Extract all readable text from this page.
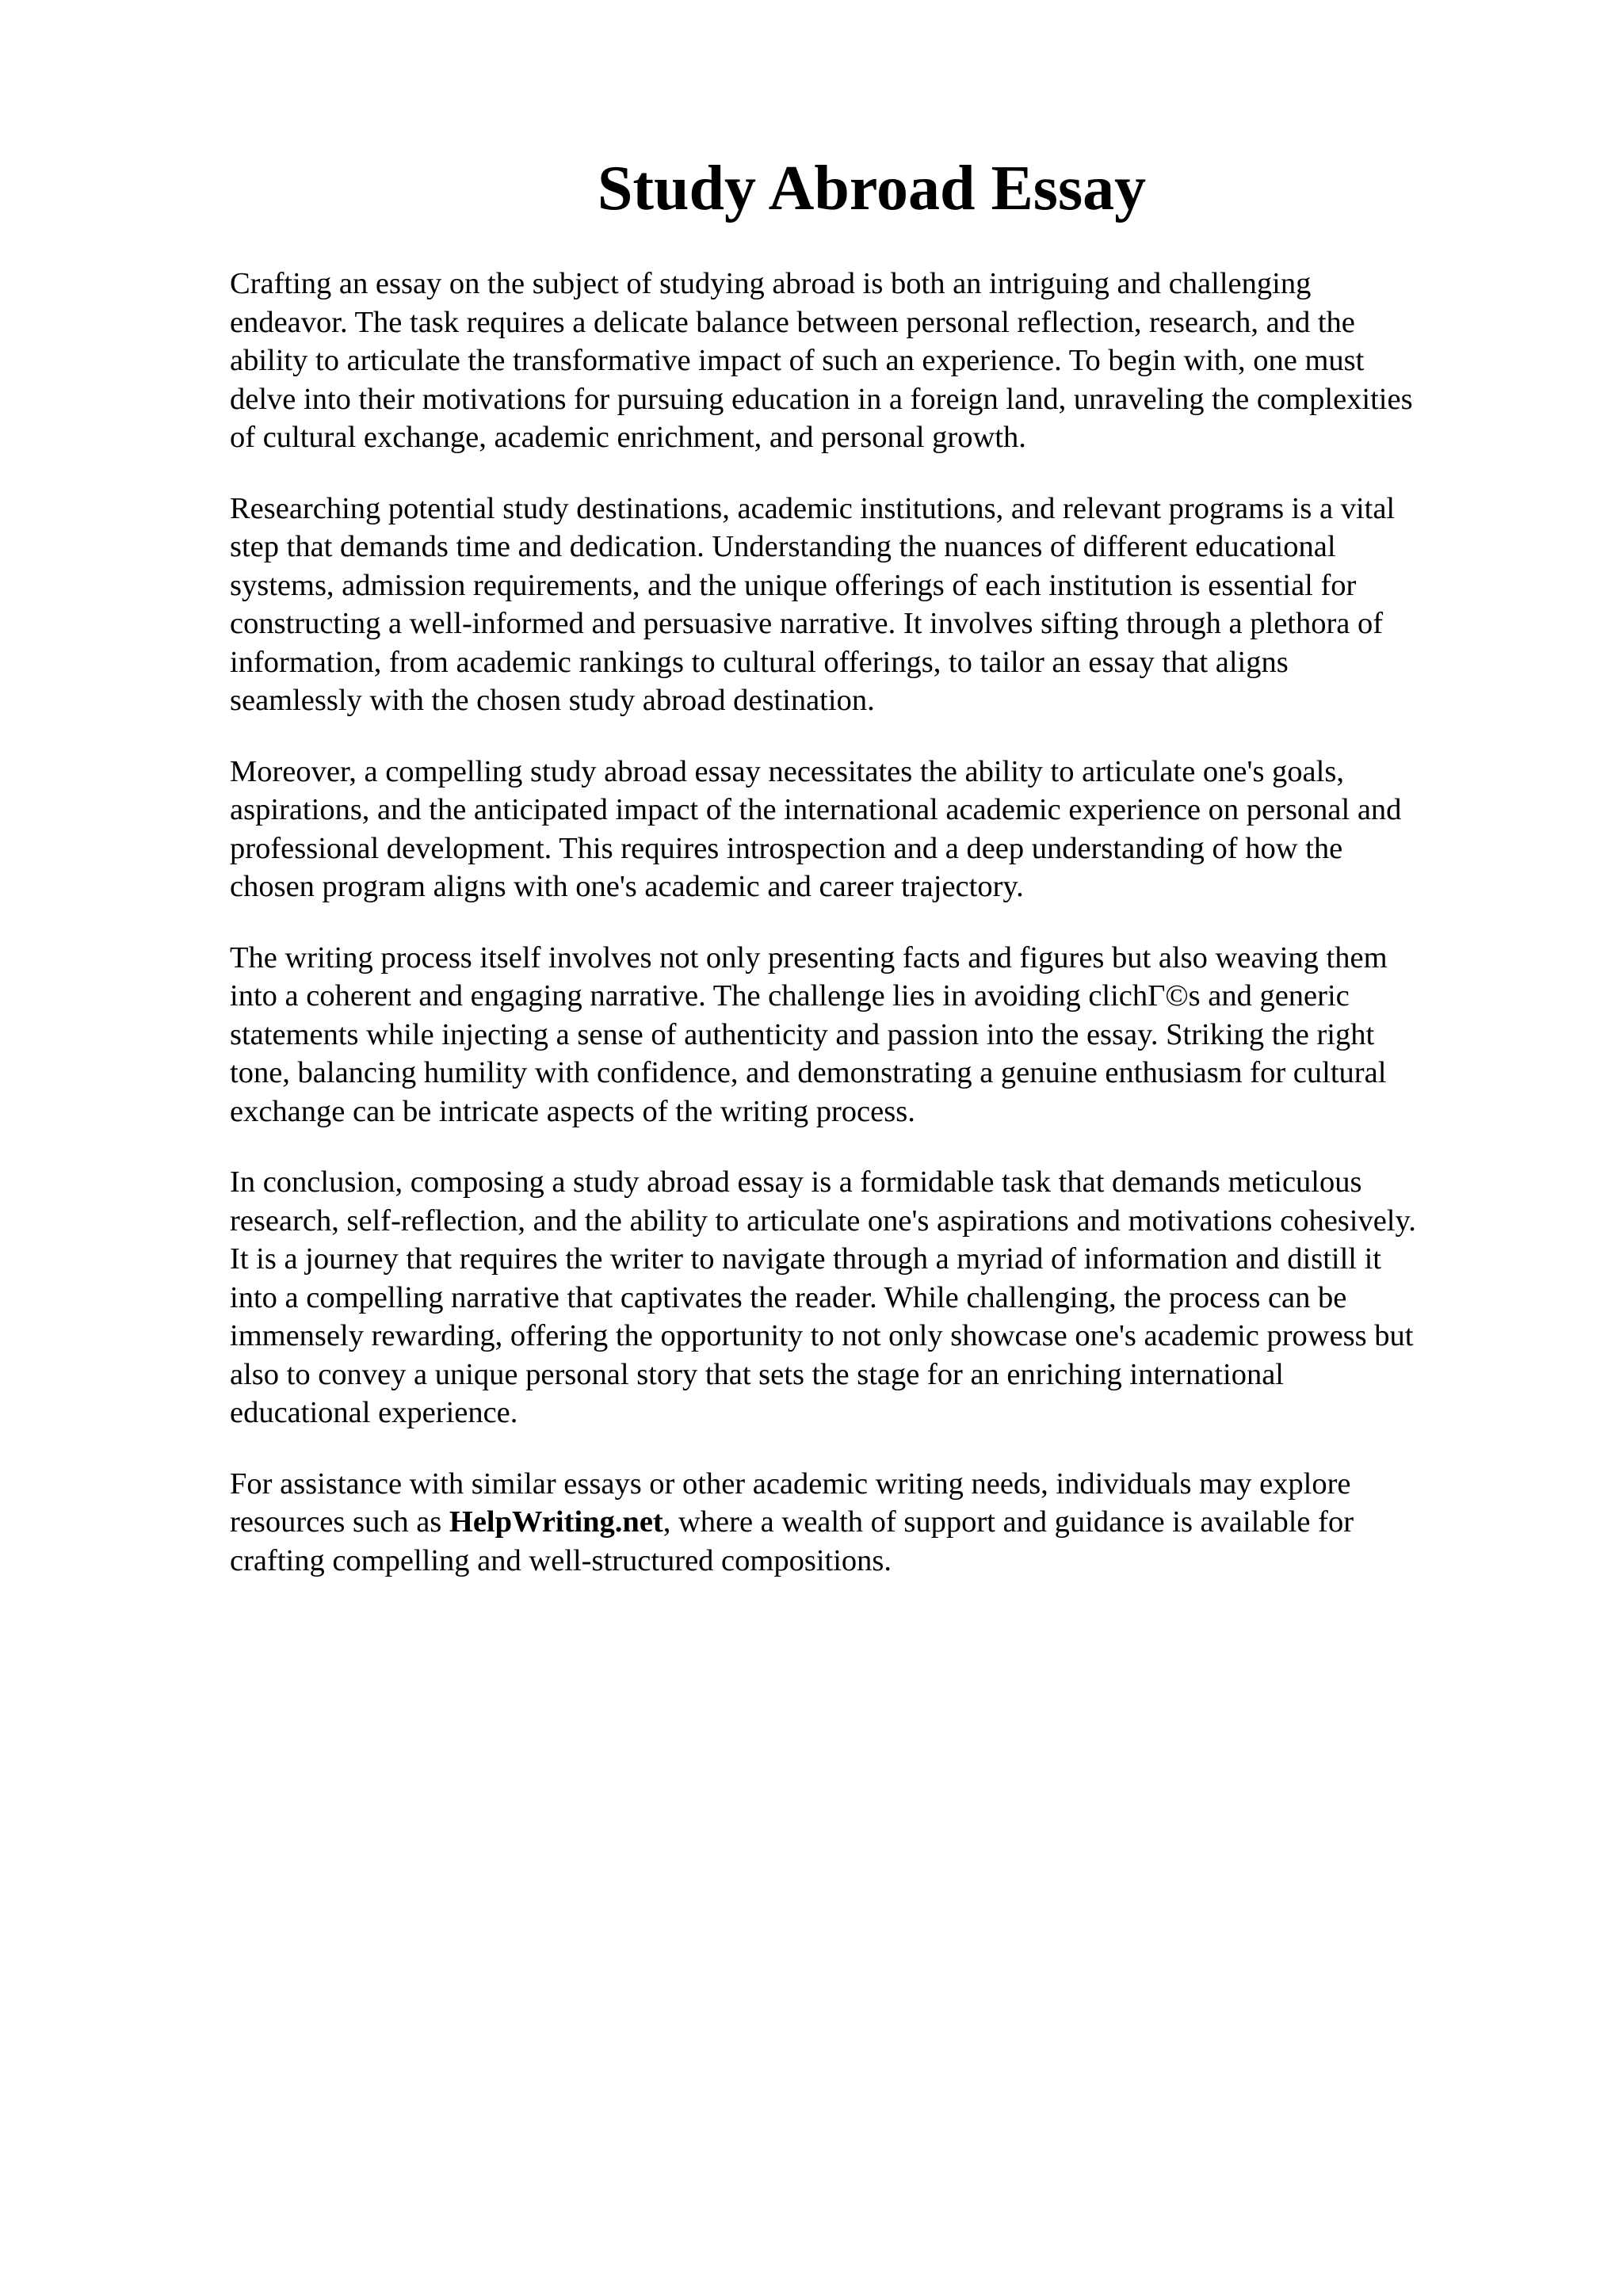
Study Abroad Essay

Crafting an essay on the subject of studying abroad is both an intriguing and challenging
endeavor. The task requires a delicate balance between personal reflection, research, and the
ability to articulate the transformative impact of such an experience. To begin with, one must
delve into their motivations for pursuing education in a foreign land, unraveling the complexities
of cultural exchange, academic enrichment, and personal growth.

Researching potential study destinations, academic institutions, and relevant programs is a vital
step that demands time and dedication. Understanding the nuances of different educational
systems, admission requirements, and the unique offerings of each institution is essential for
constructing a well-informed and persuasive narrative. It involves sifting through a plethora of
information, from academic rankings to cultural offerings, to tailor an essay that aligns
seamlessly with the chosen study abroad destination.

Moreover, a compelling study abroad essay necessitates the ability to articulate one's goals,
aspirations, and the anticipated impact of the international academic experience on personal and
professional development. This requires introspection and a deep understanding of how the
chosen program aligns with one's academic and career trajectory.

The writing process itself involves not only presenting facts and figures but also weaving them
into a coherent and engaging narrative. The challenge lies in avoiding clichΓ©s and generic
statements while injecting a sense of authenticity and passion into the essay. Striking the right
tone, balancing humility with confidence, and demonstrating a genuine enthusiasm for cultural
exchange can be intricate aspects of the writing process.

In conclusion, composing a study abroad essay is a formidable task that demands meticulous
research, self-reflection, and the ability to articulate one's aspirations and motivations cohesively.
It is a journey that requires the writer to navigate through a myriad of information and distill it
into a compelling narrative that captivates the reader. While challenging, the process can be
immensely rewarding, offering the opportunity to not only showcase one's academic prowess but
also to convey a unique personal story that sets the stage for an enriching international
educational experience.

For assistance with similar essays or other academic writing needs, individuals may explore
resources such as HelpWriting.net, where a wealth of support and guidance is available for
crafting compelling and well-structured compositions.
